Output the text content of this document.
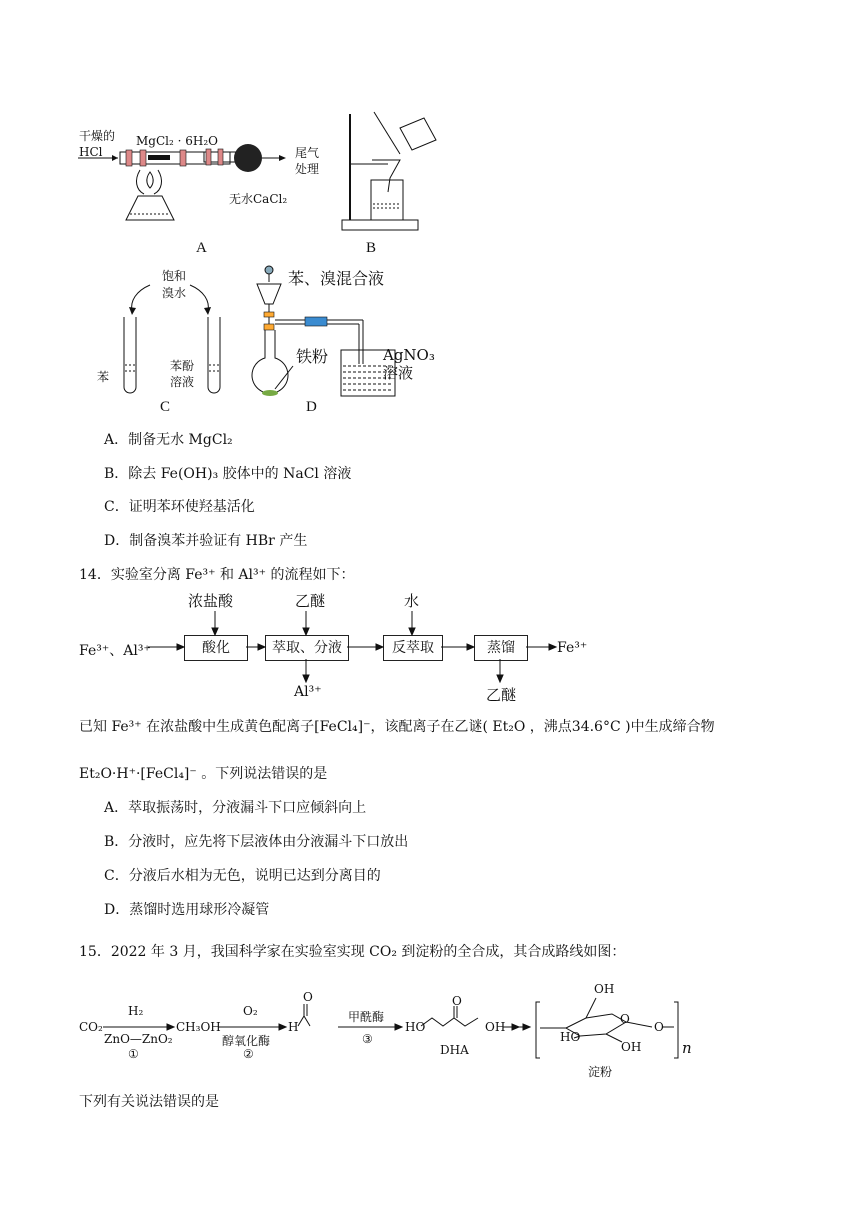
干燥的
HCl
MgCl₂ · 6H₂O
无水CaCl₂
尾气
处理
A	B
饱和
溴水
苯
苯酚
溶液
C
苯、溴混合液
铁粉	AgNO₃
溶液
D
A．制备无水 MgCl₂
B．除去 Fe(OH)₃ 胶体中的 NaCl 溶液
C．证明苯环使羟基活化
D．制备溴苯并验证有 HBr 产生
14．实验室分离 Fe³⁺ 和 Al³⁺ 的流程如下：
Fe³⁺、Al³⁺	酸化	萃取、分液	反萃取	蒸馏	Fe³⁺
浓盐酸	乙醚	水
Al³⁺	乙醚
已知 Fe³⁺ 在浓盐酸中生成黄色配离子[FeCl₄]⁻，该配离子在乙谜( Et₂O ，沸点34.6°C )中生成缔合物
Et₂O·H⁺·[FeCl₄]⁻ 。下列说法错误的是
A．萃取振荡时，分液漏斗下口应倾斜向上
B．分液时，应先将下层液体由分液漏斗下口放出
C．分液后水相为无色，说明已达到分离目的
D．蒸馏时选用球形冷凝管
15．2022 年 3 月，我国科学家在实验室实现 CO₂ 到淀粉的全合成，其合成路线如图：
CO₂
H₂
ZnO—ZnO₂
①
CH₃OH
O₂
醇氧化酶
②
H
O
甲酰酶
③
HO
O
OH
DHA
OH
HO
OH
O
O
n
淀粉
下列有关说法错误的是
